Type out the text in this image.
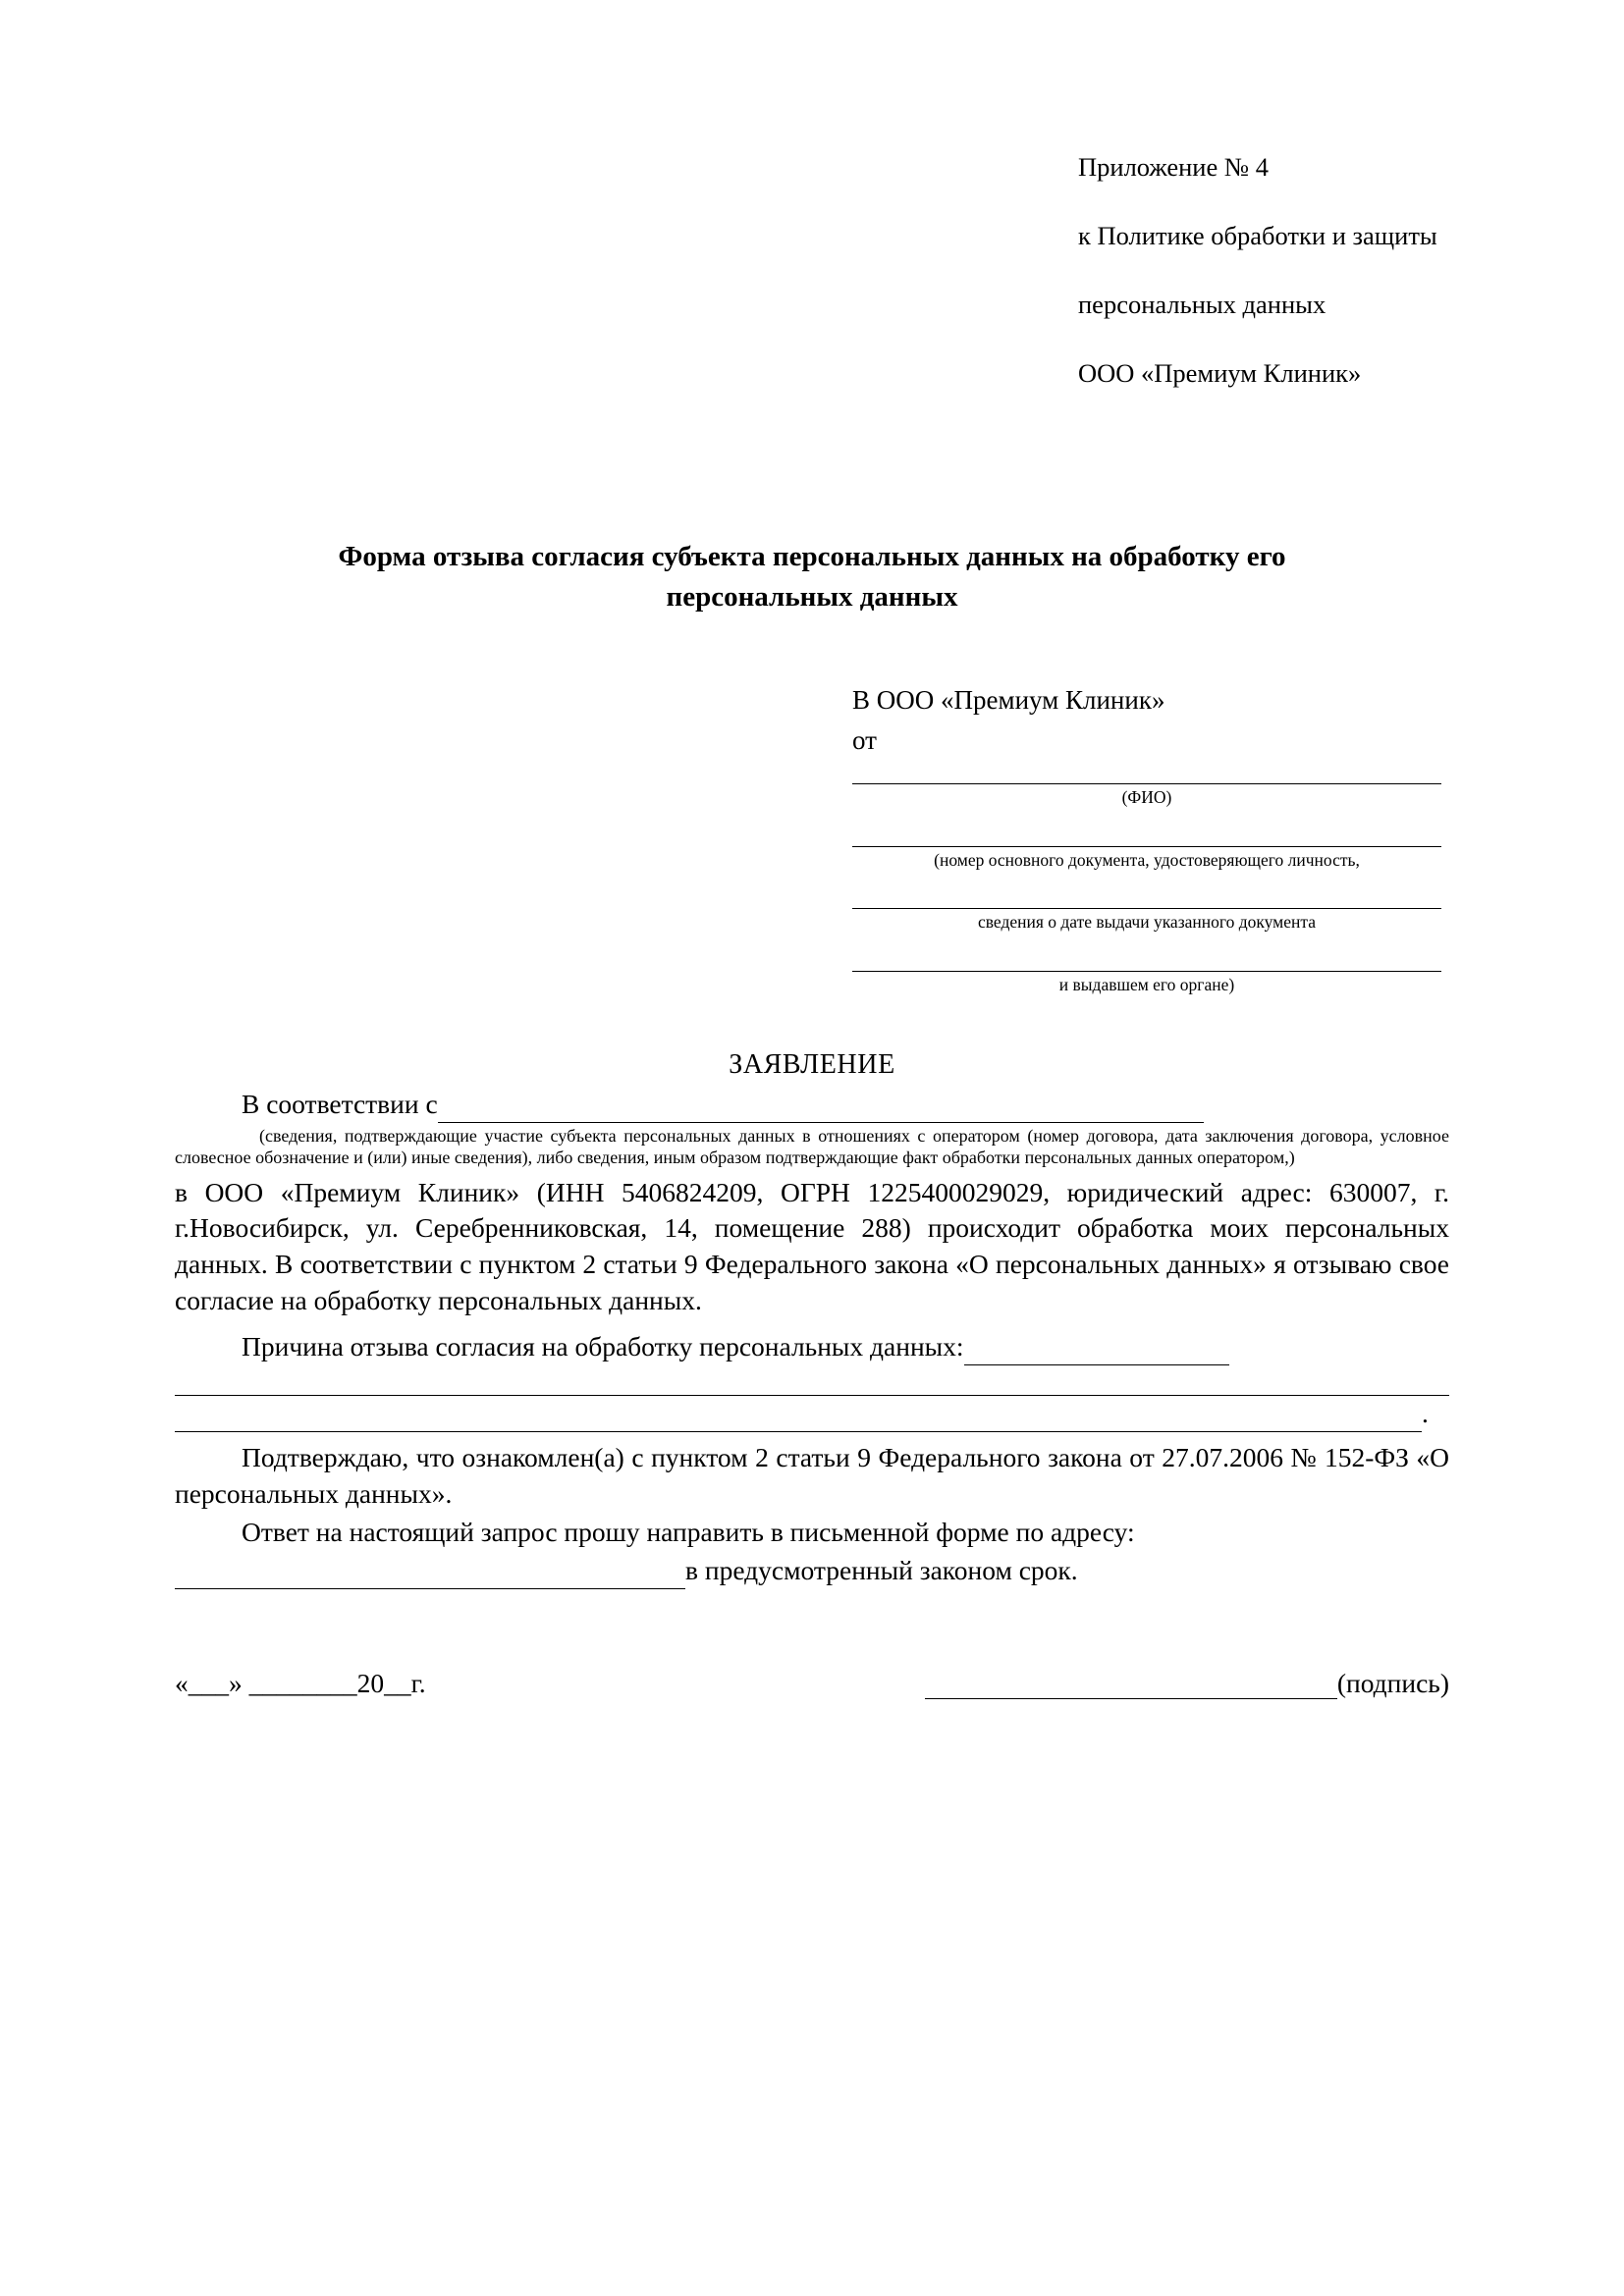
Приложение № 4

к Политике обработки и защиты

персональных данных

ООО «Премиум Клиник»

Форма отзыва согласия субъекта персональных данных на обработку его персональных данных
В ООО «Премиум Клиник»
от
(ФИО)
(номер основного документа, удостоверяющего личность,
сведения о дате выдачи указанного документа
и выдавшем его органе)
ЗАЯВЛЕНИЕ
В соответствии с
(сведения, подтверждающие участие субъекта персональных данных в отношениях с оператором (номер договора, дата заключения договора, условное словесное обозначение и (или) иные сведения), либо сведения, иным образом подтверждающие факт обработки персональных данных оператором,)
в ООО «Премиум Клиник» (ИНН 5406824209, ОГРН 1225400029029, юридический адрес: 630007, г. г.Новосибирск, ул. Серебренниковская, 14, помещение 288) происходит обработка моих персональных данных. В соответствии с пунктом 2 статьи 9 Федерального закона «О персональных данных» я отзываю свое согласие на обработку персональных данных.
Причина отзыва согласия на обработку персональных данных:
.
Подтверждаю, что ознакомлен(а) с пунктом 2 статьи 9 Федерального закона от 27.07.2006 № 152-ФЗ «О персональных данных».
Ответ на настоящий запрос прошу направить в письменной форме по адресу:
в предусмотренный законом срок.
«___» ________20__г.	(подпись)
